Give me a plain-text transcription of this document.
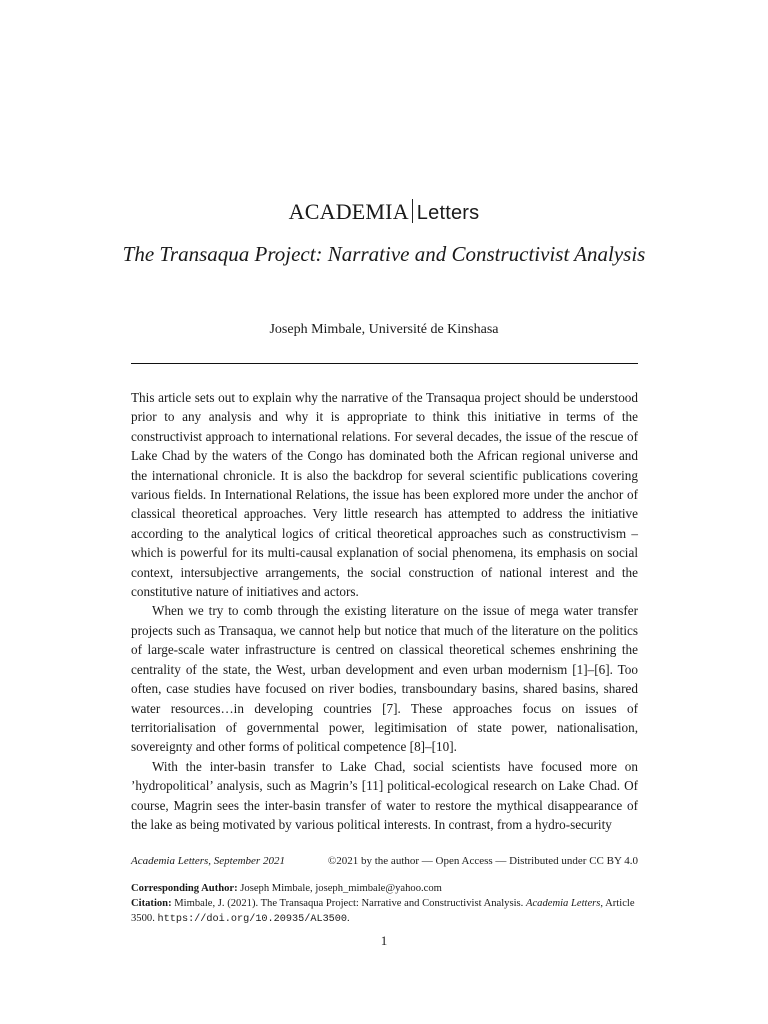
ACADEMIA Letters
The Transaqua Project: Narrative and Constructivist Analysis
Joseph Mimbale, Université de Kinshasa

This article sets out to explain why the narrative of the Transaqua project should be understood prior to any analysis and why it is appropriate to think this initiative in terms of the constructivist approach to international relations. For several decades, the issue of the rescue of Lake Chad by the waters of the Congo has dominated both the African regional universe and the international chronicle. It is also the backdrop for several scientific publications covering various fields. In International Relations, the issue has been explored more under the anchor of classical theoretical approaches. Very little research has attempted to address the initiative according to the analytical logics of critical theoretical approaches such as constructivism – which is powerful for its multi-causal explanation of social phenomena, its emphasis on social context, intersubjective arrangements, the social construction of national interest and the constitutive nature of initiatives and actors.

When we try to comb through the existing literature on the issue of mega water transfer projects such as Transaqua, we cannot help but notice that much of the literature on the politics of large-scale water infrastructure is centred on classical theoretical schemes enshrining the centrality of the state, the West, urban development and even urban modernism [1]–[6]. Too often, case studies have focused on river bodies, transboundary basins, shared basins, shared water resources…in developing countries [7]. These approaches focus on issues of territorialisation of governmental power, legitimisation of state power, nationalisation, sovereignty and other forms of political competence [8]–[10].

With the inter-basin transfer to Lake Chad, social scientists have focused more on ’hydropolitical’ analysis, such as Magrin’s [11] political-ecological research on Lake Chad. Of course, Magrin sees the inter-basin transfer of water to restore the mythical disappearance of the lake as being motivated by various political interests. In contrast, from a hydro-security

Academia Letters, September 2021	©2021 by the author — Open Access — Distributed under CC BY 4.0
Corresponding Author: Joseph Mimbale, joseph_mimbale@yahoo.com
Citation: Mimbale, J. (2021). The Transaqua Project: Narrative and Constructivist Analysis. Academia Letters, Article 3500. https://doi.org/10.20935/AL3500.
1
